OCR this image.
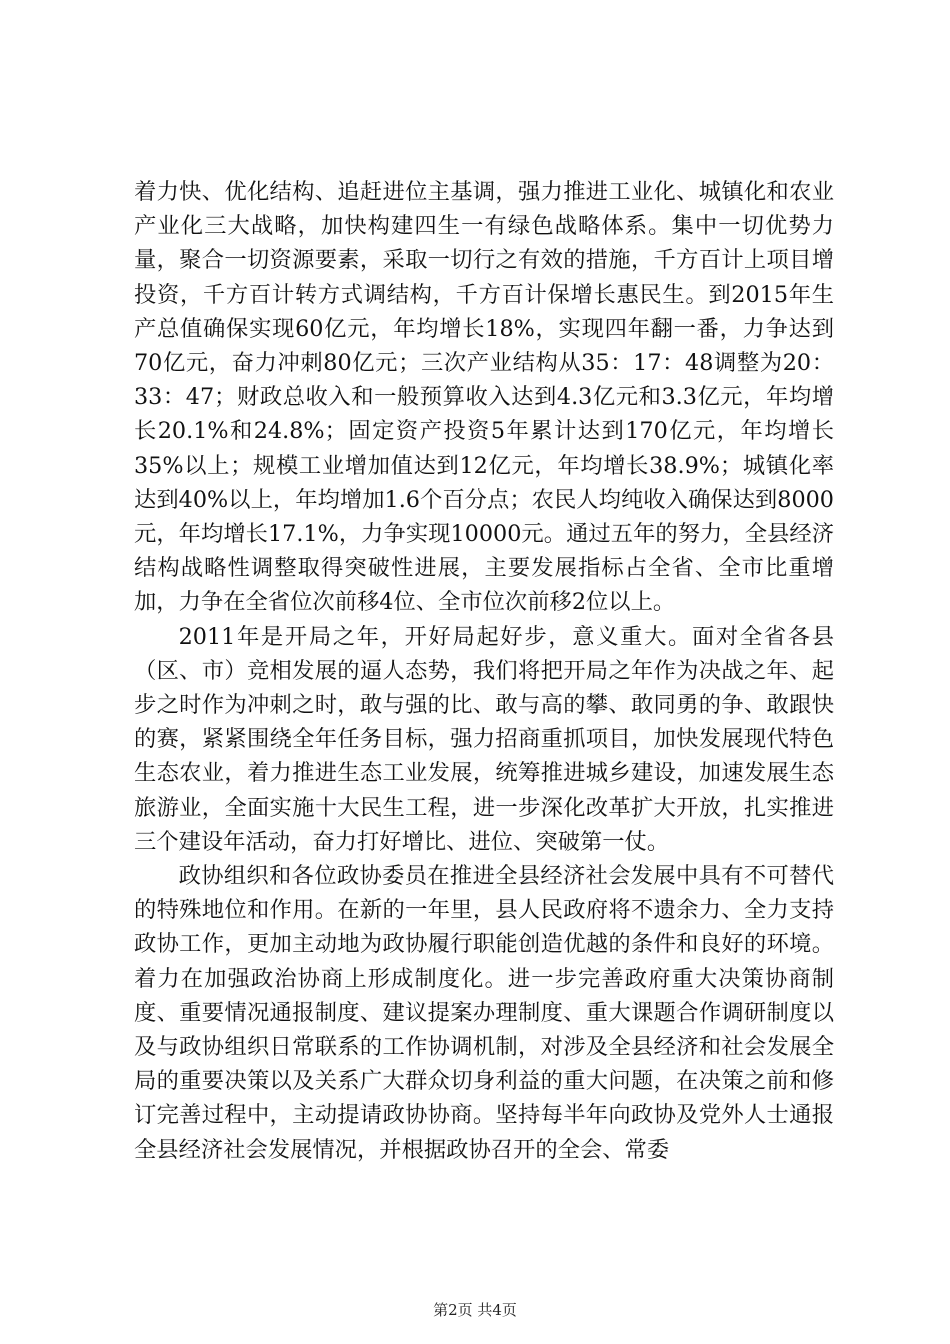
着力快、优化结构、追赶进位主基调，强力推进工业化、城镇化和农业产业化三大战略，加快构建四生一有绿色战略体系。集中一切优势力量，聚合一切资源要素，采取一切行之有效的措施，千方百计上项目增投资，千方百计转方式调结构，千方百计保增长惠民生。到2015年生产总值确保实现60亿元，年均增长18%，实现四年翻一番，力争达到70亿元，奋力冲刺80亿元；三次产业结构从35：17：48调整为20：33：47；财政总收入和一般预算收入达到4.3亿元和3.3亿元，年均增长20.1%和24.8%；固定资产投资5年累计达到170亿元，年均增长35%以上；规模工业增加值达到12亿元，年均增长38.9%；城镇化率达到40%以上，年均增加1.6个百分点；农民人均纯收入确保达到8000元，年均增长17.1%，力争实现10000元。通过五年的努力，全县经济结构战略性调整取得突破性进展，主要发展指标占全省、全市比重增加，力争在全省位次前移4位、全市位次前移2位以上。

2011年是开局之年，开好局起好步，意义重大。面对全省各县（区、市）竞相发展的逼人态势，我们将把开局之年作为决战之年、起步之时作为冲刺之时，敢与强的比、敢与高的攀、敢同勇的争、敢跟快的赛，紧紧围绕全年任务目标，强力招商重抓项目，加快发展现代特色生态农业，着力推进生态工业发展，统筹推进城乡建设，加速发展生态旅游业，全面实施十大民生工程，进一步深化改革扩大开放，扎实推进三个建设年活动，奋力打好增比、进位、突破第一仗。

政协组织和各位政协委员在推进全县经济社会发展中具有不可替代的特殊地位和作用。在新的一年里，县人民政府将不遗余力、全力支持政协工作，更加主动地为政协履行职能创造优越的条件和良好的环境。着力在加强政治协商上形成制度化。进一步完善政府重大决策协商制度、重要情况通报制度、建议提案办理制度、重大课题合作调研制度以及与政协组织日常联系的工作协调机制，对涉及全县经济和社会发展全局的重要决策以及关系广大群众切身利益的重大问题，在决策之前和修订完善过程中，主动提请政协协商。坚持每半年向政协及党外人士通报全县经济社会发展情况，并根据政协召开的全会、常委

第2页 共4页
